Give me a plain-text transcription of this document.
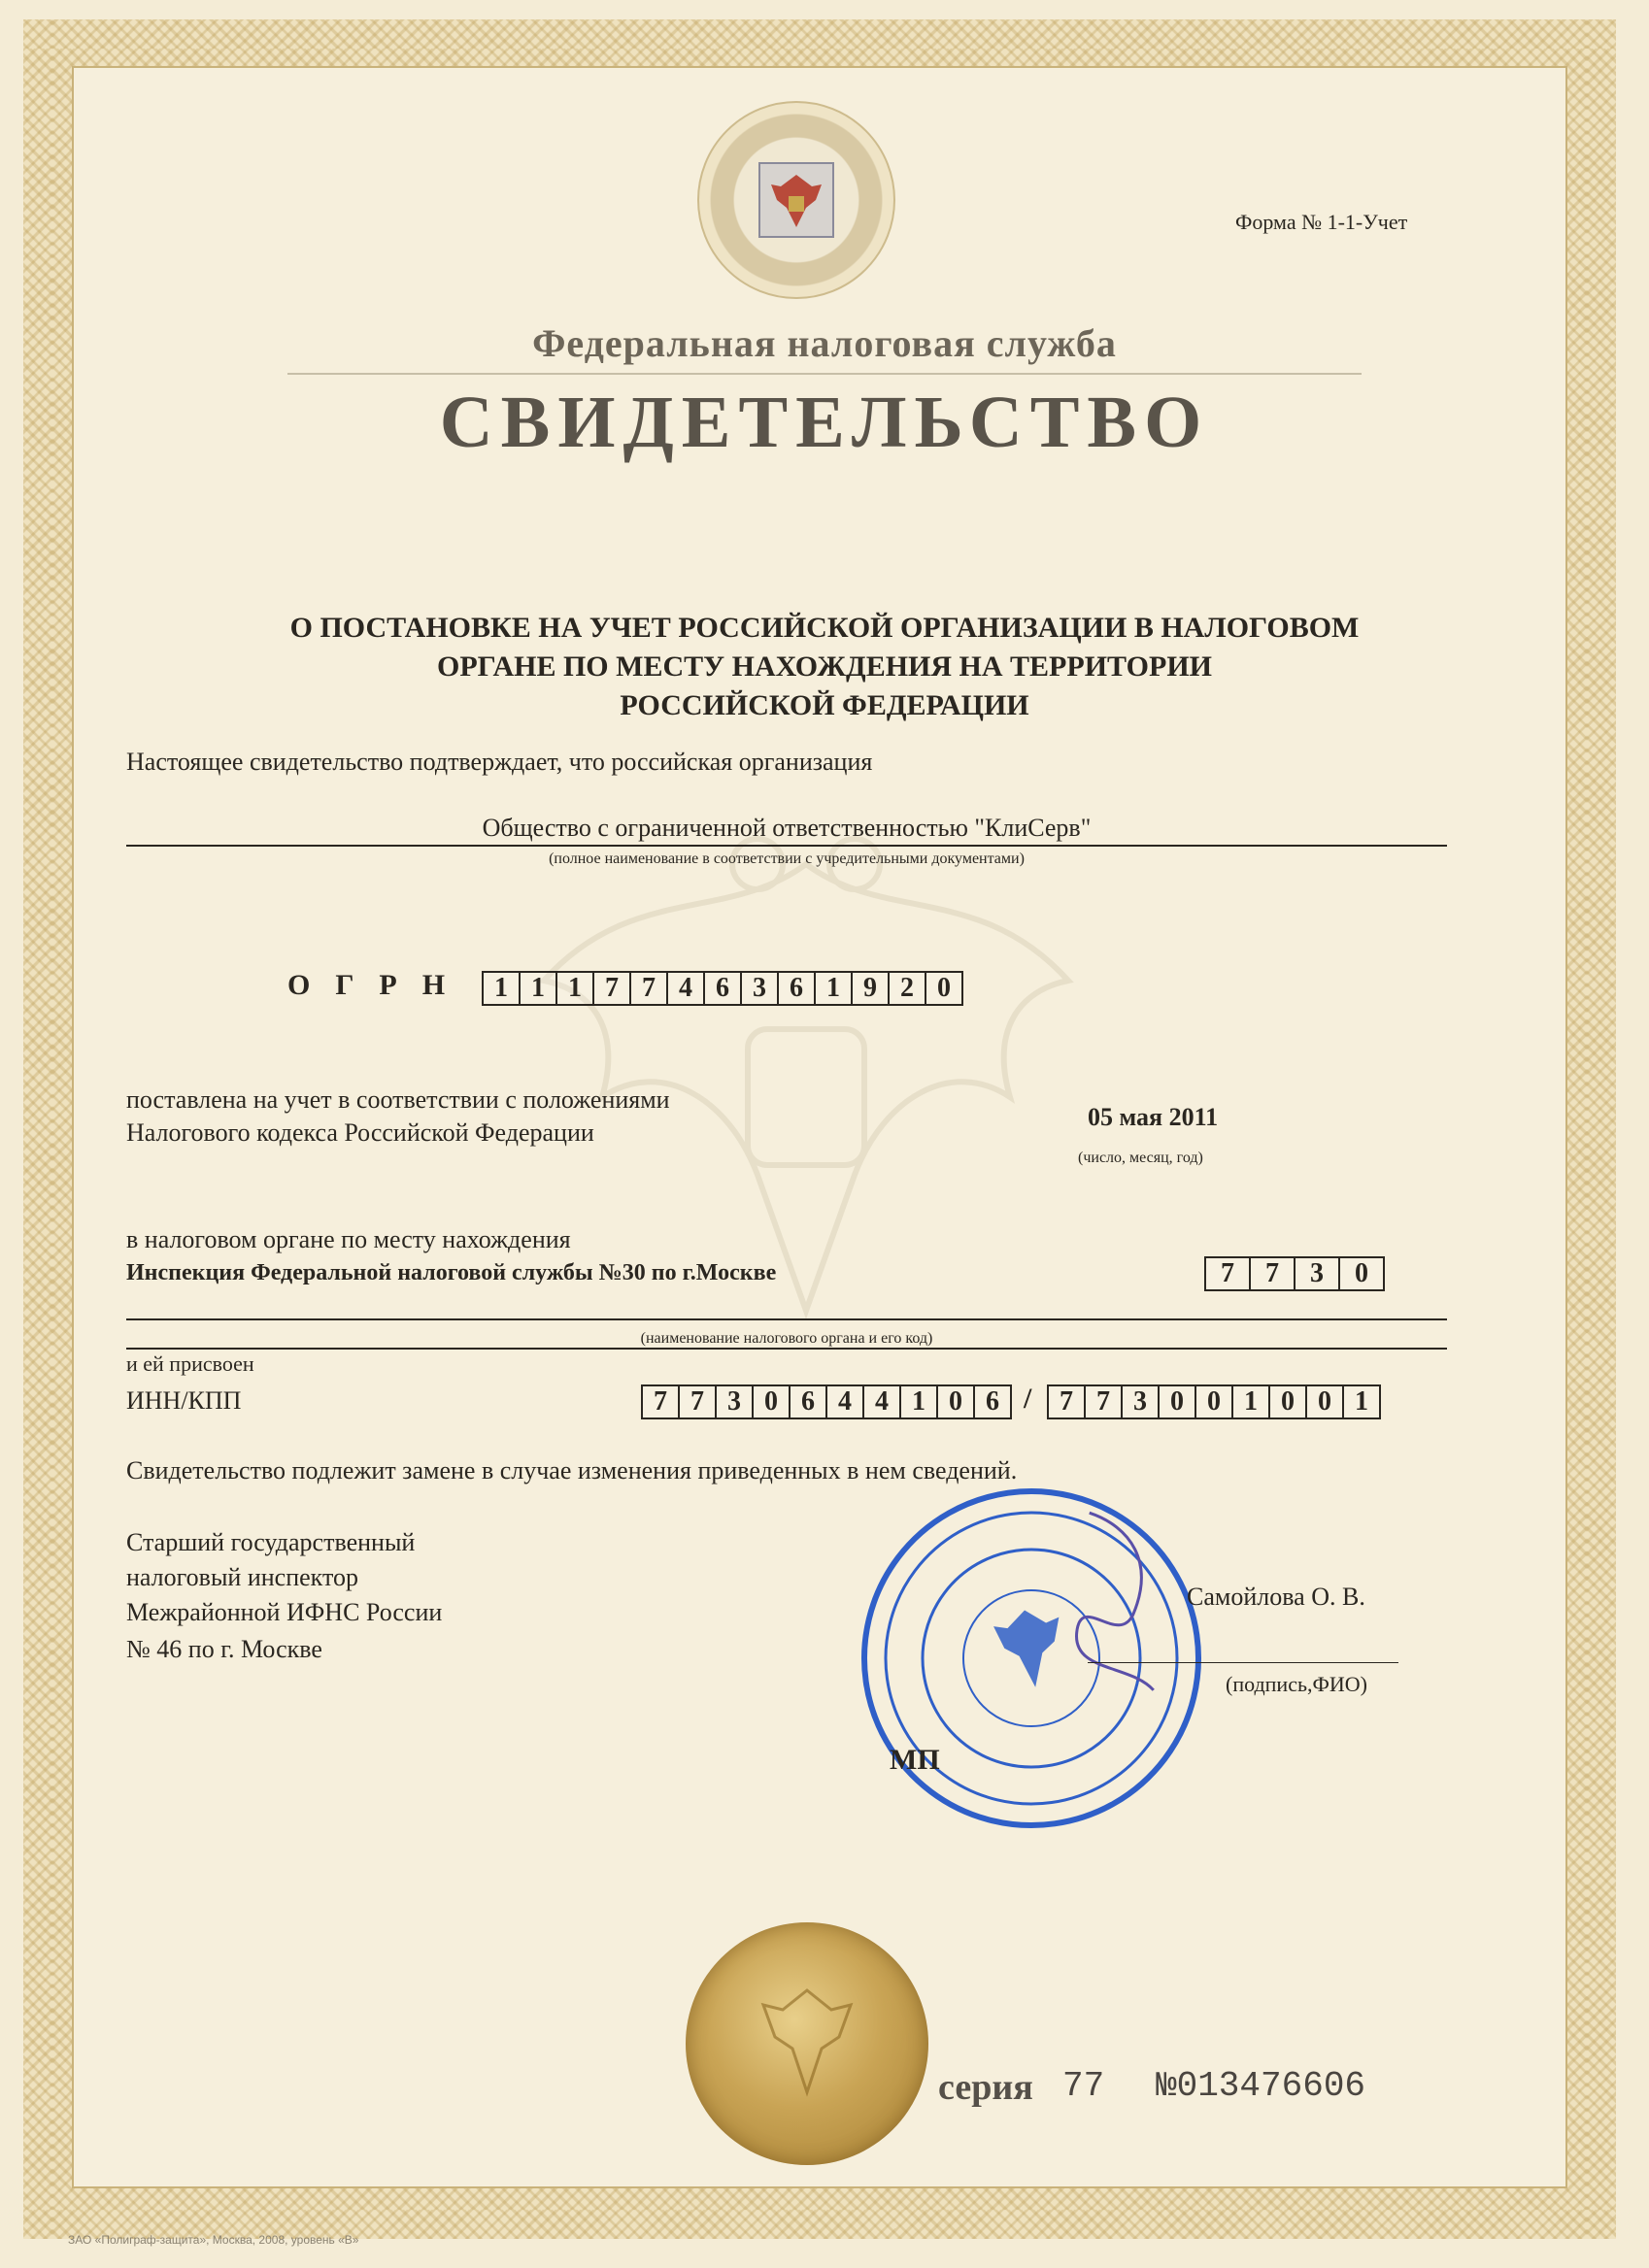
Форма № 1-1-Учет

Федеральная налоговая служба

СВИДЕТЕЛЬСТВО

О ПОСТАНОВКЕ НА УЧЕТ РОССИЙСКОЙ ОРГАНИЗАЦИИ В НАЛОГОВОМ

ОРГАНЕ ПО МЕСТУ НАХОЖДЕНИЯ НА ТЕРРИТОРИИ

РОССИЙСКОЙ ФЕДЕРАЦИИ

Настоящее свидетельство подтверждает, что российская организация

Общество с ограниченной ответственностью "КлиСерв"

(полное наименование в соответствии с учредительными документами)

ОГРН 1 1 1 7 7 4 6 3 6 1 9 2 0

поставлена на учет в соответствии с положениями

Налогового кодекса Российской Федерации

05 мая 2011

(число, месяц, год)

в налоговом органе по месту нахождения

Инспекция Федеральной налоговой службы №30 по г.Москве	7	7	3	0

(наименование налогового органа и его код)

и ей присвоен

ИНН/КПП	7 7 3 0 6 4 4 1 0 6 /	7 7 3 0 0 1 0 0 1

Свидетельство подлежит замене в случае изменения приведенных в нем сведений.

Старший государственный

налоговый инспектор

Межрайонной ИФНС России

№ 46 по г. Москве

Самойлова О. В.

(подпись,ФИО)

МП

серия 77 №013476606

ЗАО «Полиграф-защита», Москва, 2008, уровень «В»
